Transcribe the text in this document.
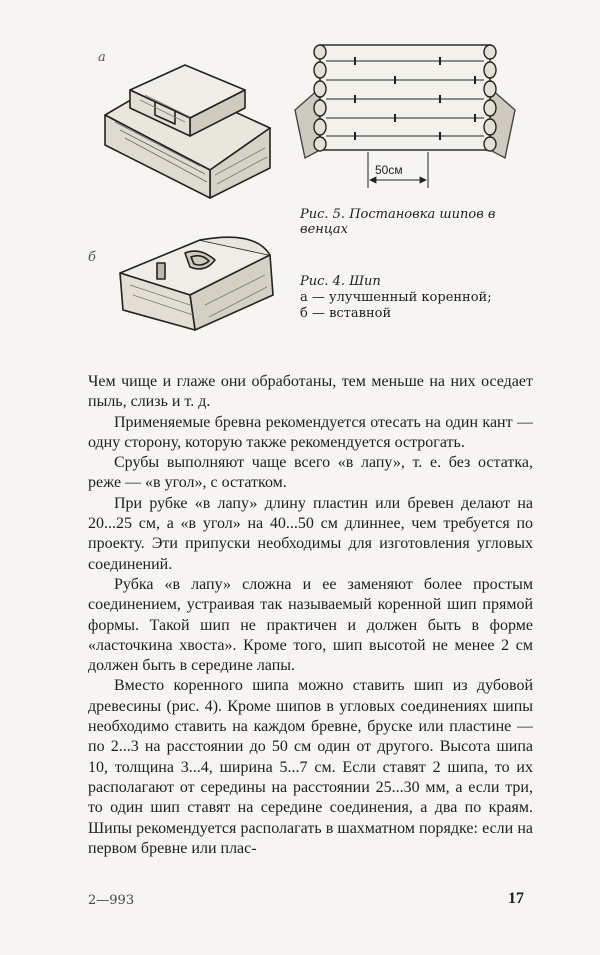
а
50см
Рис. 5. Постановка шипов в венцах
б
Рис. 4. Шип
а — улучшенный коренной;
б — вставной

Чем чище и глаже они обработаны, тем меньше на них оседает пыль, слизь и т. д.

Применяемые бревна рекомендуется отесать на один кант — одну сторону, которую также рекомендуется острогать.

Срубы выполняют чаще всего «в лапу», т. е. без остатка, реже — «в угол», с остатком.

При рубке «в лапу» длину пластин или бревен делают на 20...25 см, а «в угол» на 40...50 см длиннее, чем требуется по проекту. Эти припуски необходимы для изготовления угловых соединений.

Рубка «в лапу» сложна и ее заменяют более простым соединением, устраивая так называемый коренной шип прямой формы. Такой шип не практичен и должен быть в форме «ласточкина хвоста». Кроме того, шип высотой не менее 2 см должен быть в середине лапы.

Вместо коренного шипа можно ставить шип из дубовой древесины (рис. 4). Кроме шипов в угловых соединениях шипы необходимо ставить на каждом бревне, бруске или пластине — по 2...3 на расстоянии до 50 см один от другого. Высота шипа 10, толщина 3...4, ширина 5...7 см. Если ставят 2 шипа, то их располагают от середины на расстоянии 25...30 мм, а если три, то один шип ставят на середине соединения, а два по краям. Шипы рекомендуется располагать в шахматном порядке: если на первом бревне или плас-

2—993	17
